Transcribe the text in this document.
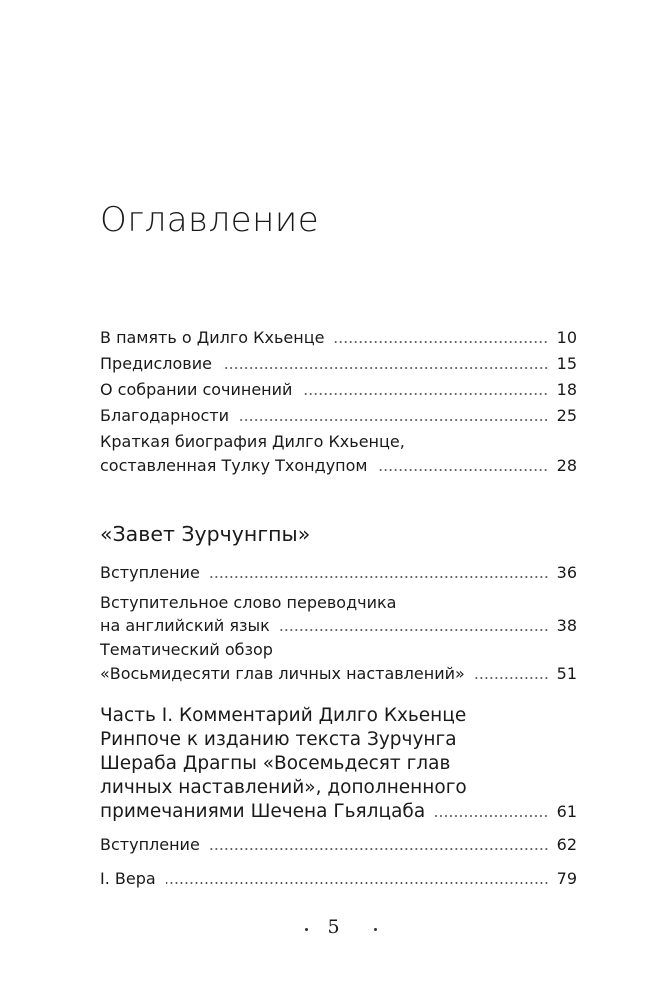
Оглавление
В память о Дилго Кхьенце	10
Предисловие	15
О собрании сочинений	18
Благодарности	25
Краткая биография Дилго Кхьенце,
составленная Тулку Тхондупом	28
«Завет Зурчунгпы»
Вступление	36
Вступительное слово переводчика
на английский язык	38
Тематический обзор
«Восьмидесяти глав личных наставлений»	51
Часть I. Комментарий Дилго Кхьенце
Ринпоче к изданию текста Зурчунга
Шераба Драгпы «Восемьдесят глав
личных наставлений», дополненного
примечаниями Шечена Гьялцаба	61
Вступление	62
I. Вера	79
5
